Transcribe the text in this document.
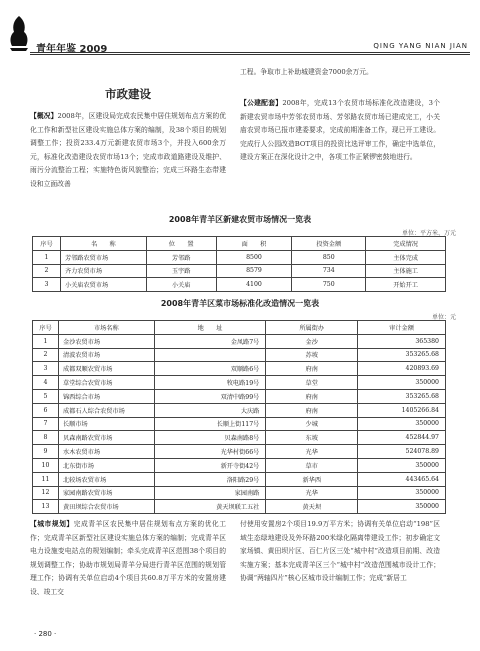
青年年鉴 2009	QING YANG NIAN JIAN
市政建设
【概况】2008年，区建设局完成农民集中居住规划布点方案的优化工作和新型社区建设实施总体方案的编制，及38个项目的规划调整工作；投资233.4万元新建农贸市场3个，并投入600余万元，标准化改造建设农贸市场13个；完成市政道路建设及维护、雨污分流整治工程；实施特色街风貌整治；完成三环路生态带建设和立面改善
工程。争取市上补助城建资金7000余万元。
【公建配套】2008年，完成13个农贸市场标准化改造建设，3个新建农贸市场中芳邻农贸市场、芳邻路农贸市场已建成完工，小关庙农贸市场已报市建委要求，完成前期准备工作，现已开工建设。完成行人公园改造BOT项目的投资比选评审工作，确定中选单位，建设方案正在深化设计之中，各项工作正紧锣密鼓地进行。
2008年青羊区新建农贸市场情况一览表
单位：平方米、万元
序号	名　　称	位　　置	面　　积	投资金额	完成情况
1	芳邻路农贸市场	芳邻路	8500	850	主体完成
2	齐力农贸市场	玉宇路	8579	734	主体施工
3	小关庙农贸市场	小关庙	4100	750	开始开工
2008年青羊区菜市场标准化改造情况一览表
单位：元
序号	市场名称	地　　址	所属街办	审计金额
1	金沙农贸市场	金凤路7号	金沙	365380
2	清波农贸市场		苏坡	353265.68
3	成都双顺农贸市场	双顺路6号	府南	420893.69
4	草堂综合农贸市场	牧电路19号	草堂	350000
5	锦西综合市场	双清中路99号	府南	353265.68
6	成都石人综合农贸市场	大庆路	府南	1405266.84
7	长顺市场	长顺上街117号	少城	350000
8	贝森南路农贸市场	贝森南路8号	东坡	452844.97
9	水木农贸市场	光华村街66号	光华	524078.89
10	北东街市场	新开寺街42号	草市	350000
11	北较场农贸市场	洛阳路29号	新华西	443465.64
12	家园南路农贸市场	家园南路	光华	350000
13	黄田坝综合农贸市场	黄天坝联工五社	黄天坝	350000
【城市规划】完成青羊区农民集中居住规划布点方案的优化工作；完成青羊区新型社区建设实施总体方案的编制；完成青羊区电力设施变电站点的规划编制；牵头完成青羊区范围38个项目的规划调整工作；协助市规划局青羊分局进行青羊区范围的规划管理工作；协调有关单位启动4个项目共60.8万平方米的安置房建设、竣工交
付使用安置房2个项目19.9万平方米；协调有关单位启动“198”区域生态绿地建设及外环路200米绿化隔离带建设工作；初步确定文家场镇、黄田坝片区、百仁片区三处“城中村”改造项目前期、改造实施方案；基本完成青羊区三个“城中村”改造范围城市设计工作；协调“两轴四片”核心区城市设计编制工作；完成“新居工
· 280 ·
